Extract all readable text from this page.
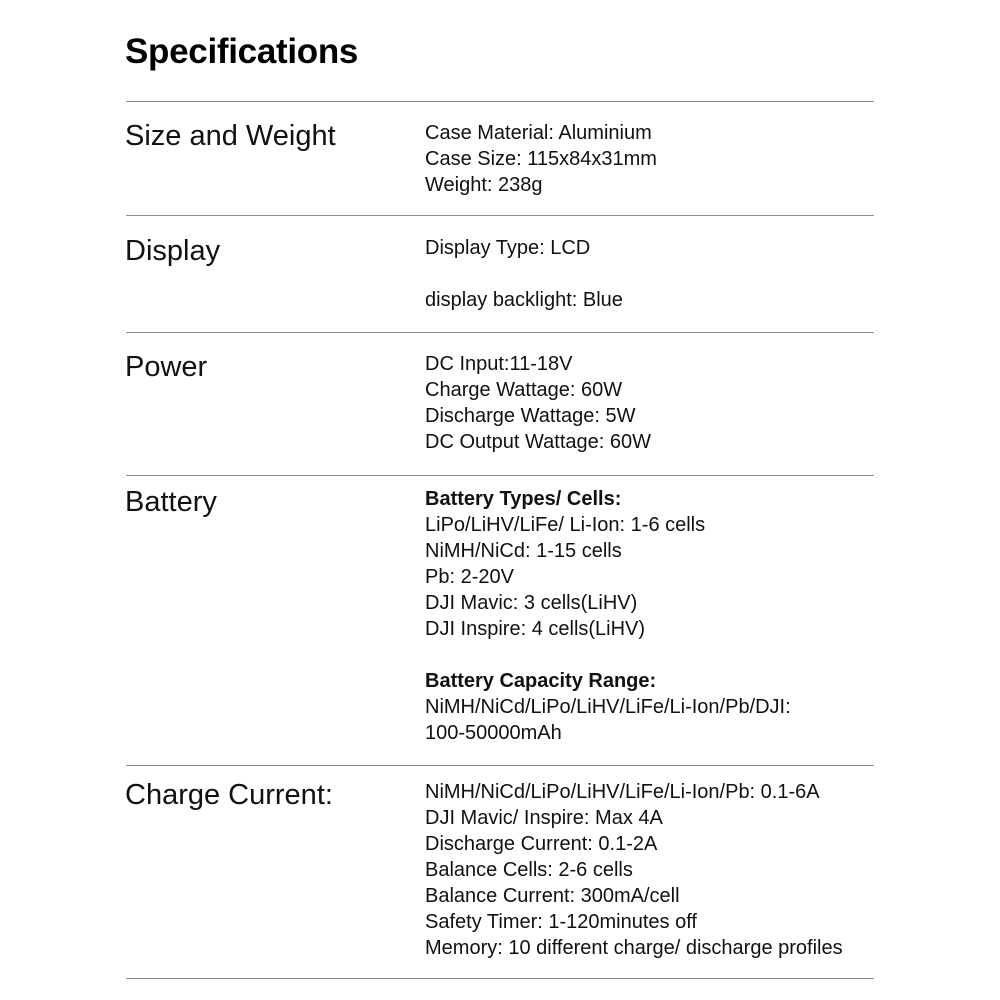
Specifications
Size and Weight	Case Material: Aluminium
Case Size: 115x84x31mm
Weight: 238g
Display	Display Type: LCD
display backlight: Blue
Power	DC Input:11-18V
Charge Wattage: 60W
Discharge Wattage: 5W
DC Output Wattage: 60W
Battery	Battery Types/ Cells:
LiPo/LiHV/LiFe/ Li-Ion: 1-6 cells
NiMH/NiCd: 1-15 cells
Pb: 2-20V
DJI Mavic: 3 cells(LiHV)
DJI Inspire: 4 cells(LiHV)
Battery Capacity Range:
NiMH/NiCd/LiPo/LiHV/LiFe/Li-Ion/Pb/DJI:
100-50000mAh
Charge Current:	NiMH/NiCd/LiPo/LiHV/LiFe/Li-Ion/Pb: 0.1-6A
DJI Mavic/ Inspire: Max 4A
Discharge Current: 0.1-2A
Balance Cells: 2-6 cells
Balance Current: 300mA/cell
Safety Timer: 1-120minutes off
Memory: 10 different charge/ discharge profiles
